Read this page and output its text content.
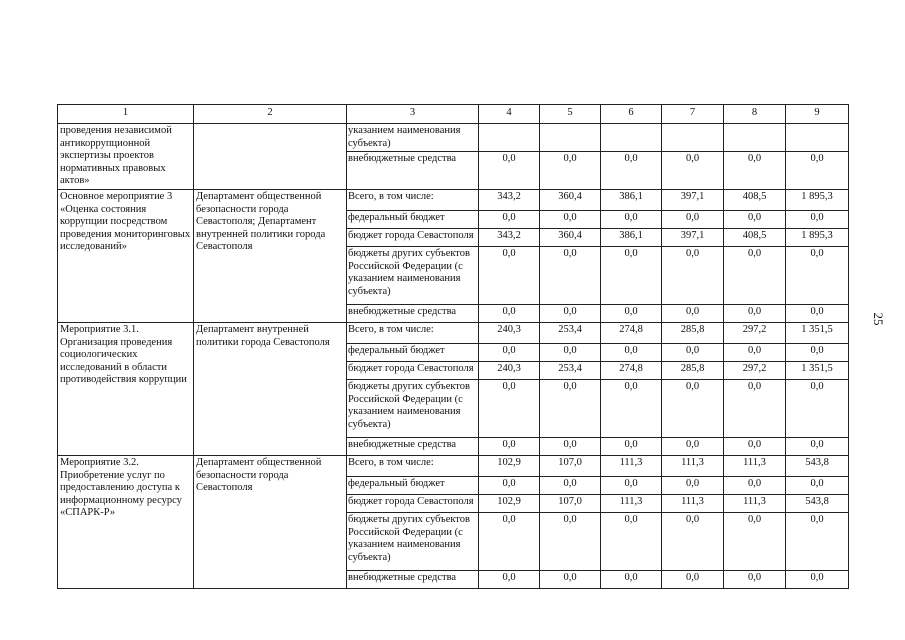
1	2	3	4	5	6	7	8	9
проведения независимой антикоррупционной экспертизы проектов нормативных правовых актов»		указанием наименования субъекта)						
		внебюджетные средства	0,0	0,0	0,0	0,0	0,0	0,0
Основное мероприятие 3 «Оценка состояния коррупции посредством проведения мониторинговых исследований»	Департамент общественной безопасности города Севастополя; Департамент внутренней политики города Севастополя	Всего, в том числе:	343,2	360,4	386,1	397,1	408,5	1 895,3
		федеральный бюджет	0,0	0,0	0,0	0,0	0,0	0,0
		бюджет города Севастополя	343,2	360,4	386,1	397,1	408,5	1 895,3
		бюджеты других субъектов Российской Федерации (с указанием наименования субъекта)	0,0	0,0	0,0	0,0	0,0	0,0
		внебюджетные средства	0,0	0,0	0,0	0,0	0,0	0,0
Мероприятие 3.1. Организация проведения социологических исследований в области противодействия коррупции	Департамент внутренней политики города Севастополя	Всего, в том числе:	240,3	253,4	274,8	285,8	297,2	1 351,5
		федеральный бюджет	0,0	0,0	0,0	0,0	0,0	0,0
		бюджет города Севастополя	240,3	253,4	274,8	285,8	297,2	1 351,5
		бюджеты других субъектов Российской Федерации (с указанием наименования субъекта)	0,0	0,0	0,0	0,0	0,0	0,0
		внебюджетные средства	0,0	0,0	0,0	0,0	0,0	0,0
Мероприятие 3.2. Приобретение услуг по предоставлению доступа к информационному ресурсу «СПАРК-Р»	Департамент общественной безопасности города Севастополя	Всего, в том числе:	102,9	107,0	111,3	111,3	111,3	543,8
		федеральный бюджет	0,0	0,0	0,0	0,0	0,0	0,0
		бюджет города Севастополя	102,9	107,0	111,3	111,3	111,3	543,8
		бюджеты других субъектов Российской Федерации (с указанием наименования субъекта)	0,0	0,0	0,0	0,0	0,0	0,0
		внебюджетные средства	0,0	0,0	0,0	0,0	0,0	0,0
25
